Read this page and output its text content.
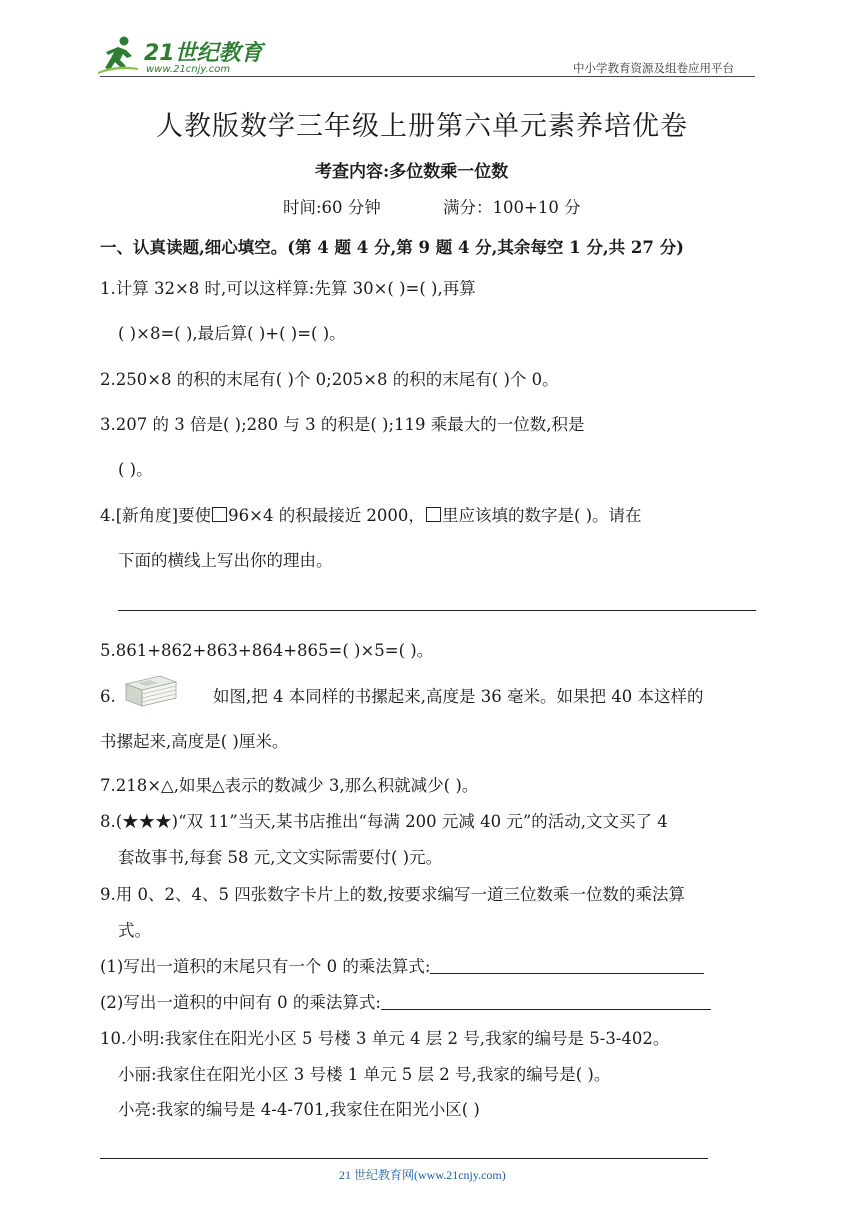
21世纪教育
www.21cnjy.com	中小学教育资源及组卷应用平台
人教版数学三年级上册第六单元素养培优卷
考查内容:多位数乘一位数
时间:60 分钟	满分：100+10 分
一、认真读题,细心填空。(第 4 题 4 分,第 9 题 4 分,其余每空 1 分,共 27 分)
1.计算 32×8 时,可以这样算:先算 30×( )=( ),再算
( )×8=( ),最后算( )+( )=( )。
2.250×8 的积的末尾有( )个 0;205×8 的积的末尾有( )个 0。
3.207 的 3 倍是( );280 与 3 的积是( );119 乘最大的一位数,积是
( )。
4.[新角度]要使 96×4 的积最接近 2000， 里应该填的数字是( )。请在
下面的横线上写出你的理由。
5.861+862+863+864+865=( )×5=( )。
6.	如图,把 4 本同样的书摞起来,高度是 36 毫米。如果把 40 本这样的
书摞起来,高度是( )厘米。
7.218×△,如果△表示的数减少 3,那么积就减少( )。
8.(★★★)“双 11”当天,某书店推出“每满 200 元减 40 元”的活动,文文买了 4
套故事书,每套 58 元,文文实际需要付( )元。
9.用 0、2、4、5 四张数字卡片上的数,按要求编写一道三位数乘一位数的乘法算
式。
(1)写出一道积的末尾只有一个 0 的乘法算式:
(2)写出一道积的中间有 0 的乘法算式:
10.小明:我家住在阳光小区 5 号楼 3 单元 4 层 2 号,我家的编号是 5-3-402。
小丽:我家住在阳光小区 3 号楼 1 单元 5 层 2 号,我家的编号是( )。
小亮:我家的编号是 4-4-701,我家住在阳光小区( )
21 世纪教育网(www.21cnjy.com)
